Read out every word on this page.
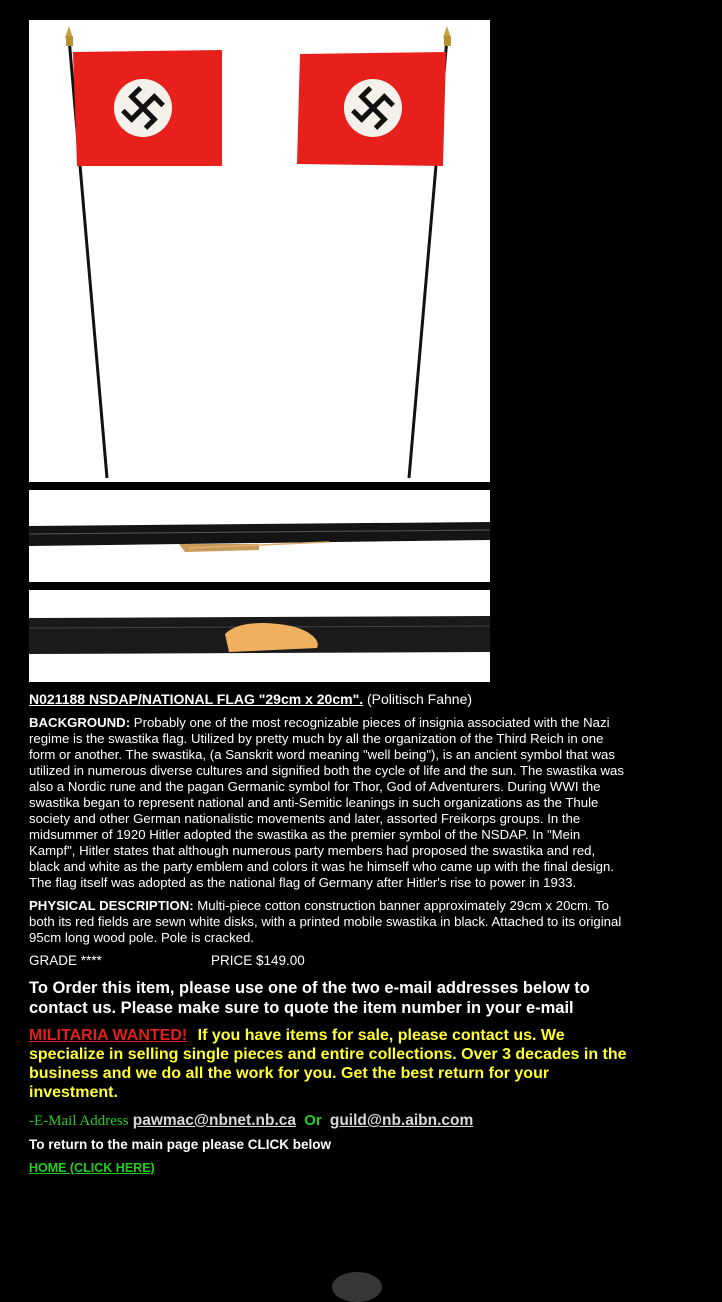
N021188 NSDAP/NATIONAL FLAG "29cm x 20cm". (Politisch Fahne)

BACKGROUND: Probably one of the most recognizable pieces of insignia associated with the Nazi regime is the swastika flag. Utilized by pretty much by all the organization of the Third Reich in one form or another. The swastika, (a Sanskrit word meaning "well being"), is an ancient symbol that was utilized in numerous diverse cultures and signified both the cycle of life and the sun. The swastika was also a Nordic rune and the pagan Germanic symbol for Thor, God of Adventurers. During WWI the swastika began to represent national and anti-Semitic leanings in such organizations as the Thule society and other German nationalistic movements and later, assorted Freikorps groups. In the midsummer of 1920 Hitler adopted the swastika as the premier symbol of the NSDAP. In "Mein Kampf", Hitler states that although numerous party members had proposed the swastika and red, black and white as the party emblem and colors it was he himself who came up with the final design. The flag itself was adopted as the national flag of Germany after Hitler's rise to power in 1933.

PHYSICAL DESCRIPTION: Multi-piece cotton construction banner approximately 29cm x 20cm. To both its red fields are sewn white disks, with a printed mobile swastika in black. Attached to its original 95cm long wood pole. Pole is cracked.

GRADE ****	PRICE $149.00
To Order this item, please use one of the two e-mail addresses below to contact us. Please make sure to quote the item number in your e-mail
MILITARIA WANTED! If you have items for sale, please contact us. We specialize in selling single pieces and entire collections. Over 3 decades in the business and we do all the work for you. Get the best return for your investment.
-E-Mail Address pawmac@nbnet.nb.ca Or guild@nb.aibn.com
To return to the main page please CLICK below
HOME (CLICK HERE)
